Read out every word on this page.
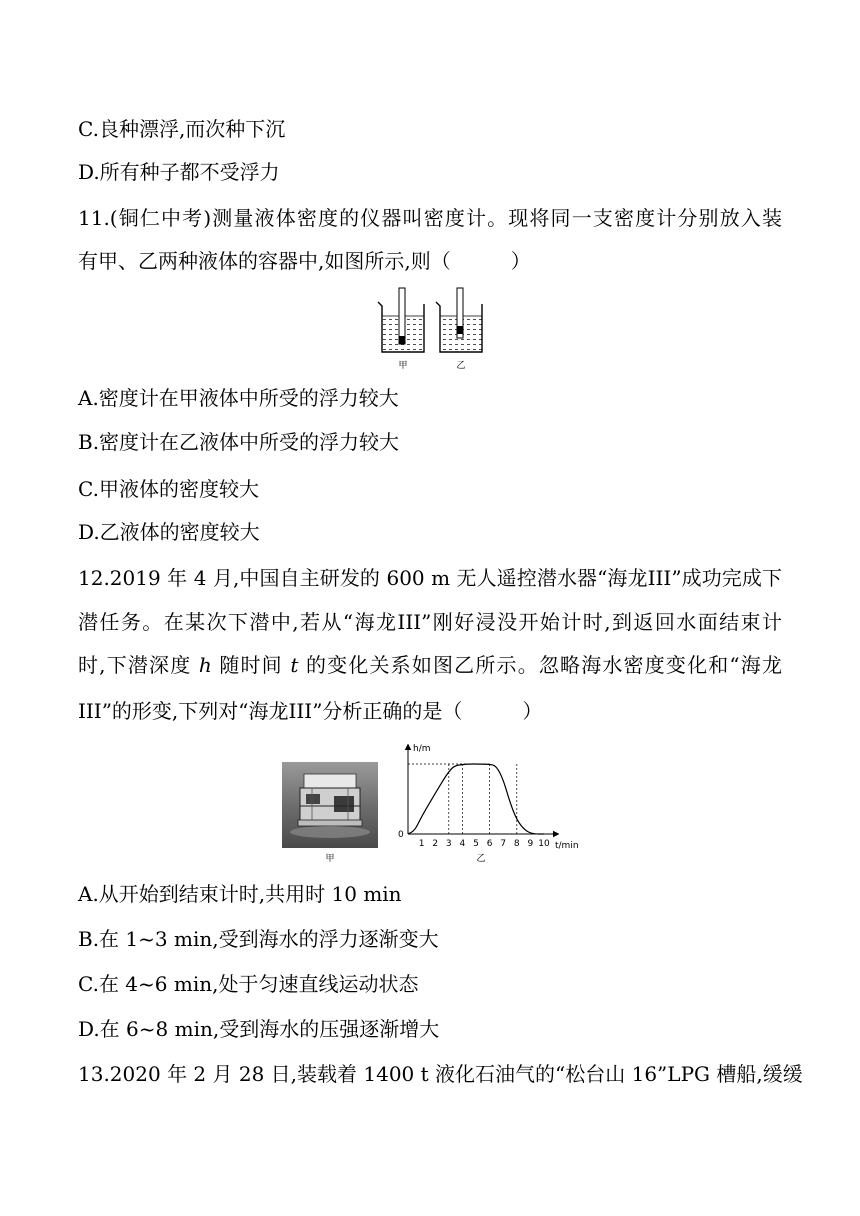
C.良种漂浮,而次种下沉
D.所有种子都不受浮力
11.(铜仁中考)测量液体密度的仪器叫密度计。现将同一支密度计分别放入装
有甲、乙两种液体的容器中,如图所示,则（　　　）
甲	乙
A.密度计在甲液体中所受的浮力较大
B.密度计在乙液体中所受的浮力较大
C.甲液体的密度较大
D.乙液体的密度较大
12.2019 年 4 月,中国自主研发的 600 m 无人遥控潜水器“海龙III”成功完成下
潜任务。在某次下潜中,若从“海龙III”刚好浸没开始计时,到返回水面结束计
时,下潜深度 h 随时间 t 的变化关系如图乙所示。忽略海水密度变化和“海龙
III”的形变,下列对“海龙III”分析正确的是（　　　）
甲
h/m
t/min
0
乙
1 2 3 4 5 6 7 8 9 10
A.从开始到结束计时,共用时 10 min
B.在 1~3 min,受到海水的浮力逐渐变大
C.在 4~6 min,处于匀速直线运动状态
D.在 6~8 min,受到海水的压强逐渐增大
13.2020 年 2 月 28 日,装载着 1400 t 液化石油气的“松台山 16”LPG 槽船,缓缓
